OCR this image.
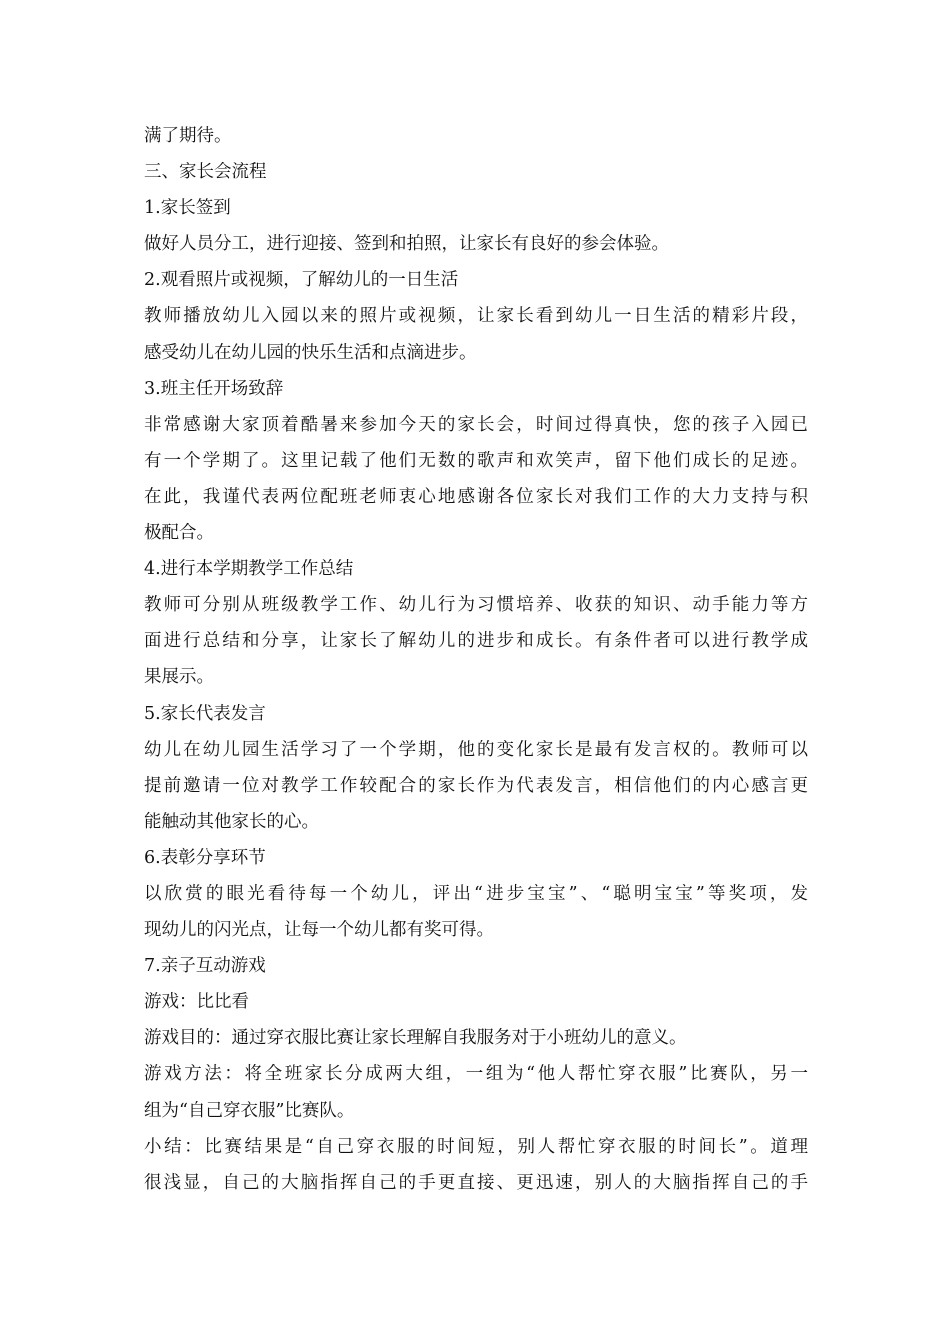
满了期待。
三、家长会流程
1.家长签到
做好人员分工，进行迎接、签到和拍照，让家长有良好的参会体验。
2.观看照片或视频，了解幼儿的一日生活
教师播放幼儿入园以来的照片或视频，让家长看到幼儿一日生活的精彩片段，
感受幼儿在幼儿园的快乐生活和点滴进步。
3.班主任开场致辞
非常感谢大家顶着酷暑来参加今天的家长会，时间过得真快，您的孩子入园已
有一个学期了。这里记载了他们无数的歌声和欢笑声，留下他们成长的足迹。
在此，我谨代表两位配班老师衷心地感谢各位家长对我们工作的大力支持与积
极配合。
4.进行本学期教学工作总结
教师可分别从班级教学工作、幼儿行为习惯培养、收获的知识、动手能力等方
面进行总结和分享，让家长了解幼儿的进步和成长。有条件者可以进行教学成
果展示。
5.家长代表发言
幼儿在幼儿园生活学习了一个学期，他的变化家长是最有发言权的。教师可以
提前邀请一位对教学工作较配合的家长作为代表发言，相信他们的内心感言更
能触动其他家长的心。
6.表彰分享环节
以欣赏的眼光看待每一个幼儿，评出“进步宝宝”、“聪明宝宝”等奖项，发
现幼儿的闪光点，让每一个幼儿都有奖可得。
7.亲子互动游戏
游戏：比比看
游戏目的：通过穿衣服比赛让家长理解自我服务对于小班幼儿的意义。
游戏方法：将全班家长分成两大组，一组为“他人帮忙穿衣服”比赛队，另一
组为“自己穿衣服”比赛队。
小结：比赛结果是“自己穿衣服的时间短，别人帮忙穿衣服的时间长”。道理
很浅显，自己的大脑指挥自己的手更直接、更迅速，别人的大脑指挥自己的手
